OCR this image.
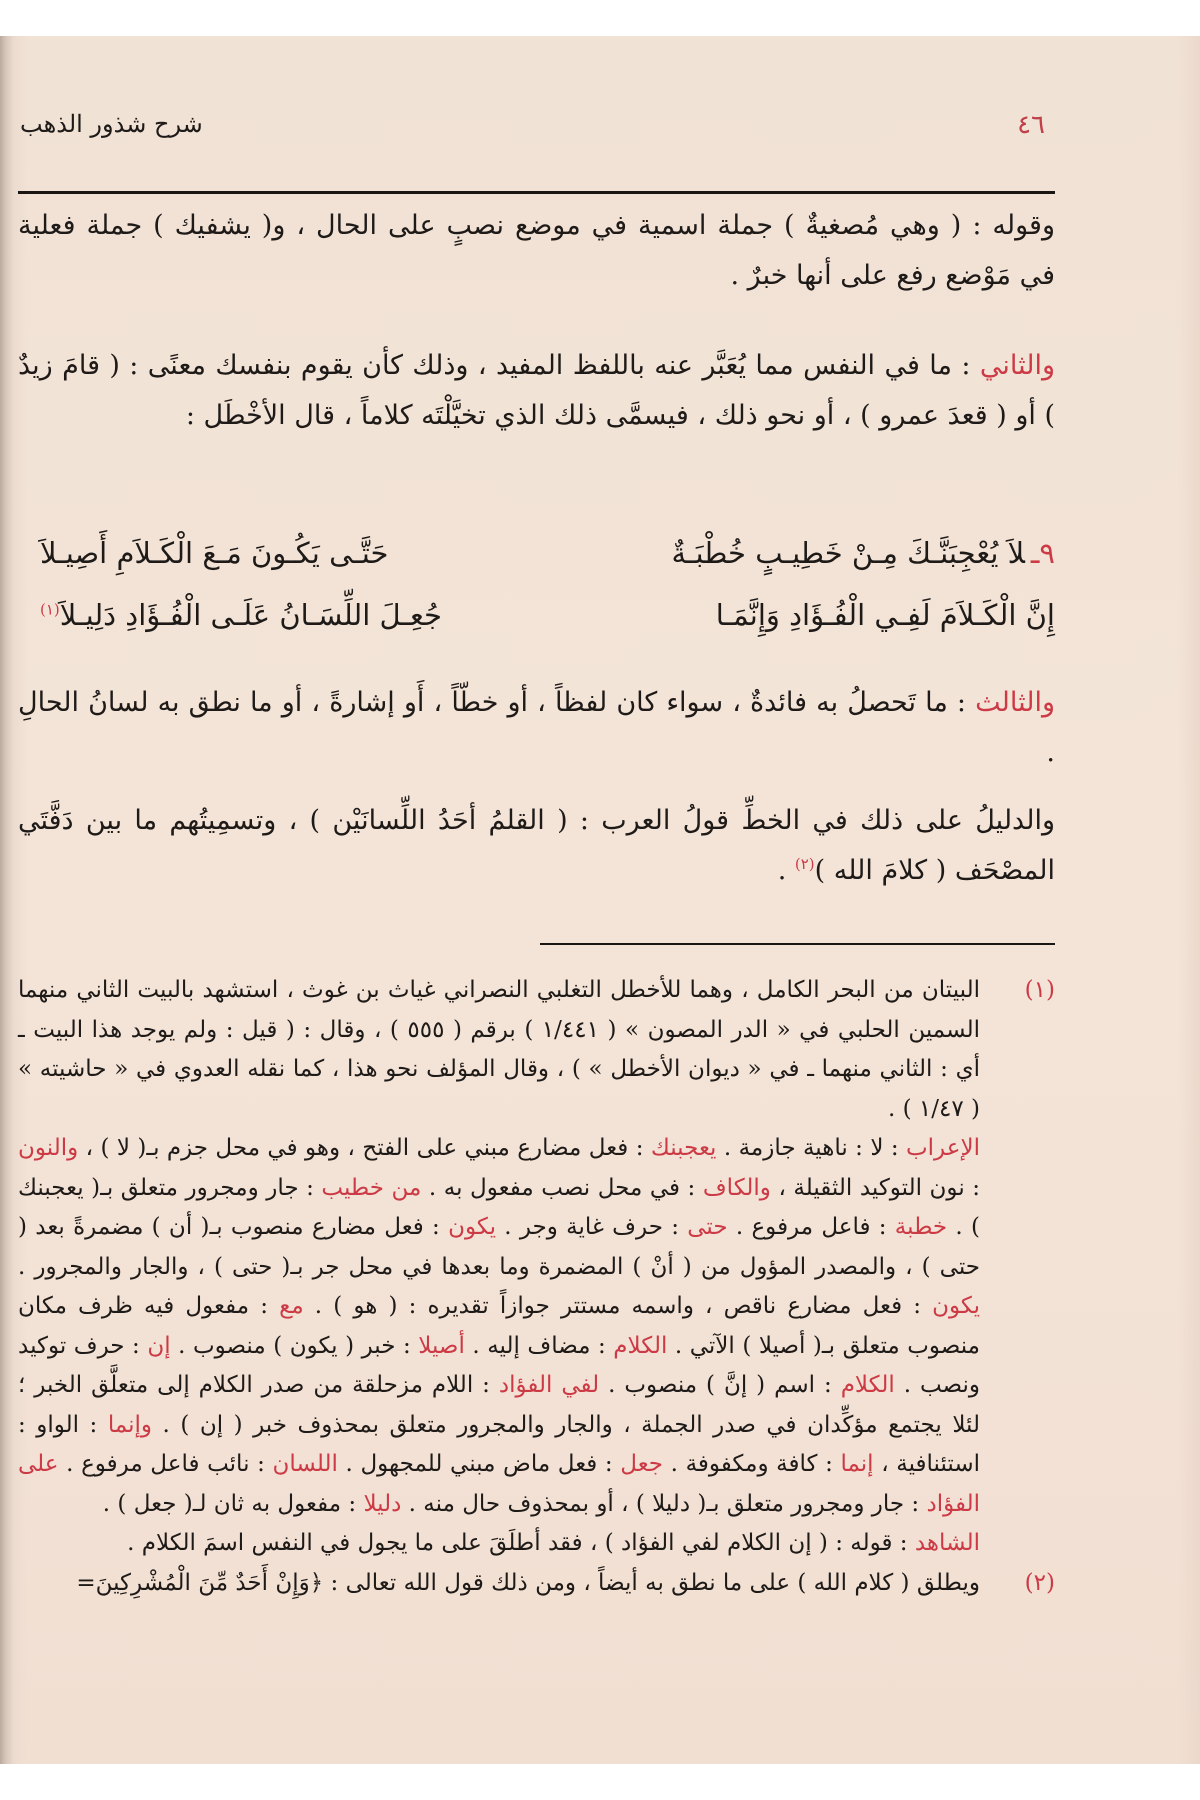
٤٦
شرح شذور الذهب
وقوله : ( وهي مُصغيةٌ ) جملة اسمية في موضع نصبٍ على الحال ، و( يشفيك ) جملة فعلية في مَوْضع رفع على أنها خبرٌ .
والثاني : ما في النفس مما يُعَبَّر عنه باللفظ المفيد ، وذلك كأن يقوم بنفسك معنًى : ( قامَ زيدٌ ) أو ( قعدَ عمرو ) ، أو نحو ذلك ، فيسمَّى ذلك الذي تخيَّلْتَه كلاماً ، قال الأخْطَل :
٩ـلاَ يُعْجِبَنَّـكَ مِـنْ خَطِيـبٍ خُطْبَـةٌ
حَتَّـى يَكُـونَ مَـعَ الْكَـلاَمِ أَصِيـلاَ
إِنَّ الْكَـلاَمَ لَفِـي الْفُـؤَادِ وَإِنَّمَـا
جُعِـلَ اللِّسَـانُ عَلَـى الْفُـؤَادِ دَلِيـلاَ$^{(١)}$
والثالث : ما تَحصلُ به فائدةٌ ، سواء كان لفظاً ، أو خطّاً ، أَو إشارةً ، أو ما نطق به لسانُ الحالِ .
والدليلُ على ذلك في الخطِّ قولُ العرب : ( القلمُ أحَدُ اللِّسانَيْن ) ، وتسمِيتُهم ما بين دَفَّتَي المصْحَف ( كلامَ الله )$^{(٢)}$ .
(١)
البيتان من البحر الكامل ، وهما للأخطل التغلبي النصراني غياث بن غوث ، استشهد بالبيت الثاني منهما السمين الحلبي في « الدر المصون » ( ١/٤٤١ ) برقم ( ٥٥٥ ) ، وقال : ( قيل : ولم يوجد هذا البيت ـ أي : الثاني منهما ـ في « ديوان الأخطل » ) ، وقال المؤلف نحو هذا ، كما نقله العدوي في « حاشيته » ( ١/٤٧ ) .
الإعراب : لا : ناهية جازمة . يعجبنك : فعل مضارع مبني على الفتح ، وهو في محل جزم بـ( لا ) ، والنون : نون التوكيد الثقيلة ، والكاف : في محل نصب مفعول به . من خطيب : جار ومجرور متعلق بـ( يعجبنك ) . خطبة : فاعل مرفوع . حتى : حرف غاية وجر . يكون : فعل مضارع منصوب بـ( أن ) مضمرةً بعد ( حتى ) ، والمصدر المؤول من ( أنْ ) المضمرة وما بعدها في محل جر بـ( حتى ) ، والجار والمجرور . يكون : فعل مضارع ناقص ، واسمه مستتر جوازاً تقديره : ( هو ) . مع : مفعول فيه ظرف مكان منصوب متعلق بـ( أصيلا ) الآتي . الكلام : مضاف إليه . أصيلا : خبر ( يكون ) منصوب . إن : حرف توكيد ونصب . الكلام : اسم ( إنَّ ) منصوب . لفي الفؤاد : اللام مزحلقة من صدر الكلام إلى متعلَّق الخبر ؛ لئلا يجتمع مؤكِّدان في صدر الجملة ، والجار والمجرور متعلق بمحذوف خبر ( إن ) . وإنما : الواو : استئنافية ، إنما : كافة ومكفوفة . جعل : فعل ماض مبني للمجهول . اللسان : نائب فاعل مرفوع . على الفؤاد : جار ومجرور متعلق بـ( دليلا ) ، أو بمحذوف حال منه . دليلا : مفعول به ثان لـ( جعل ) .
الشاهد : قوله : ( إن الكلام لفي الفؤاد ) ، فقد أطلَقَ على ما يجول في النفس اسمَ الكلام .
(٢)
ويطلق ( كلام الله ) على ما نطق به أيضاً ، ومن ذلك قول الله تعالى : ﴿وَإِنْ أَحَدٌ مِّنَ الْمُشْرِكِينَ=
